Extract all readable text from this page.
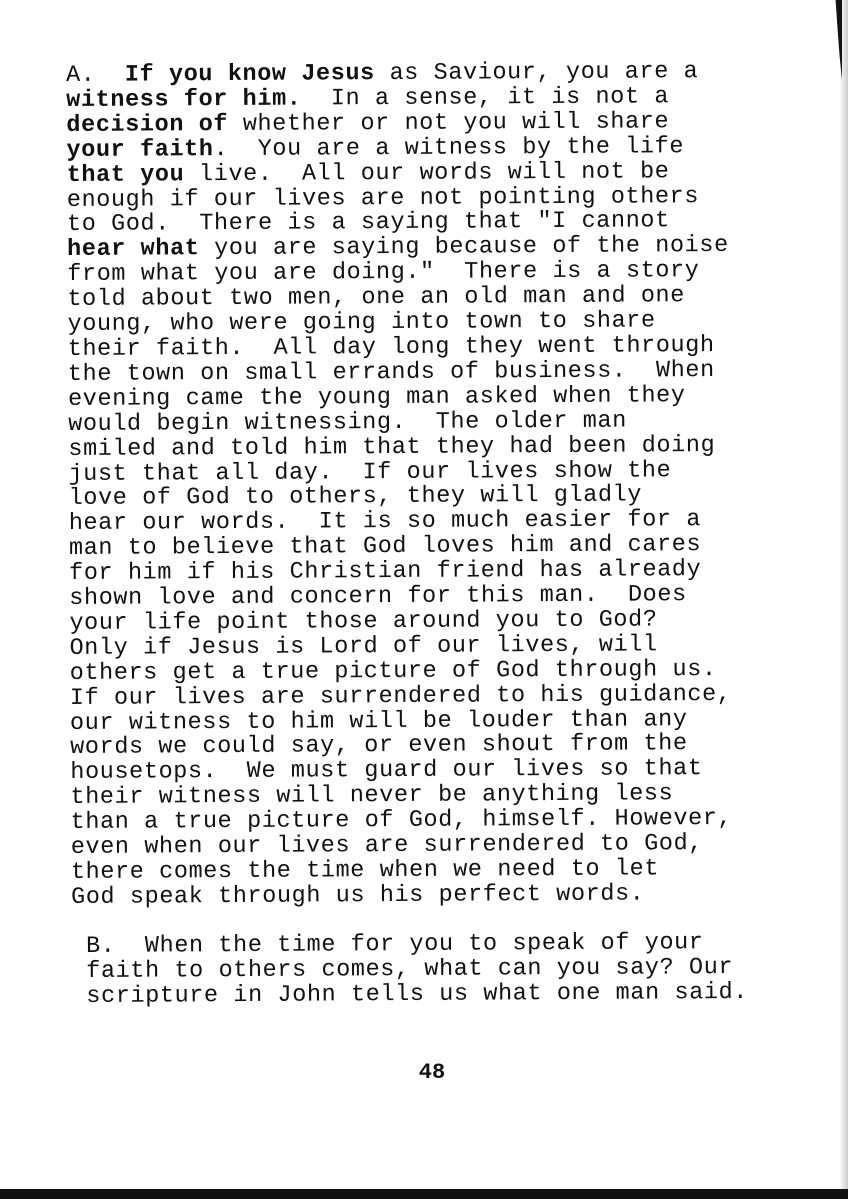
A.  If you know Jesus as Saviour, you are a
witness for him.  In a sense, it is not a
decision of whether or not you will share
your faith.  You are a witness by the life
that you live.  All our words will not be
enough if our lives are not pointing others
to God.  There is a saying that "I cannot
hear what you are saying because of the noise
from what you are doing."  There is a story
told about two men, one an old man and one
young, who were going into town to share
their faith.  All day long they went through
the town on small errands of business.  When
evening came the young man asked when they
would begin witnessing.  The older man
smiled and told him that they had been doing
just that all day.  If our lives show the
love of God to others, they will gladly
hear our words.  It is so much easier for a
man to believe that God loves him and cares
for him if his Christian friend has already
shown love and concern for this man.  Does
your life point those around you to God?
Only if Jesus is Lord of our lives, will
others get a true picture of God through us.
If our lives are surrendered to his guidance,
our witness to him will be louder than any
words we could say, or even shout from the
housetops.  We must guard our lives so that
their witness will never be anything less
than a true picture of God, himself. However,
even when our lives are surrendered to God,
there comes the time when we need to let
God speak through us his perfect words.
B.  When the time for you to speak of your
faith to others comes, what can you say? Our
scripture in John tells us what one man said.
48
